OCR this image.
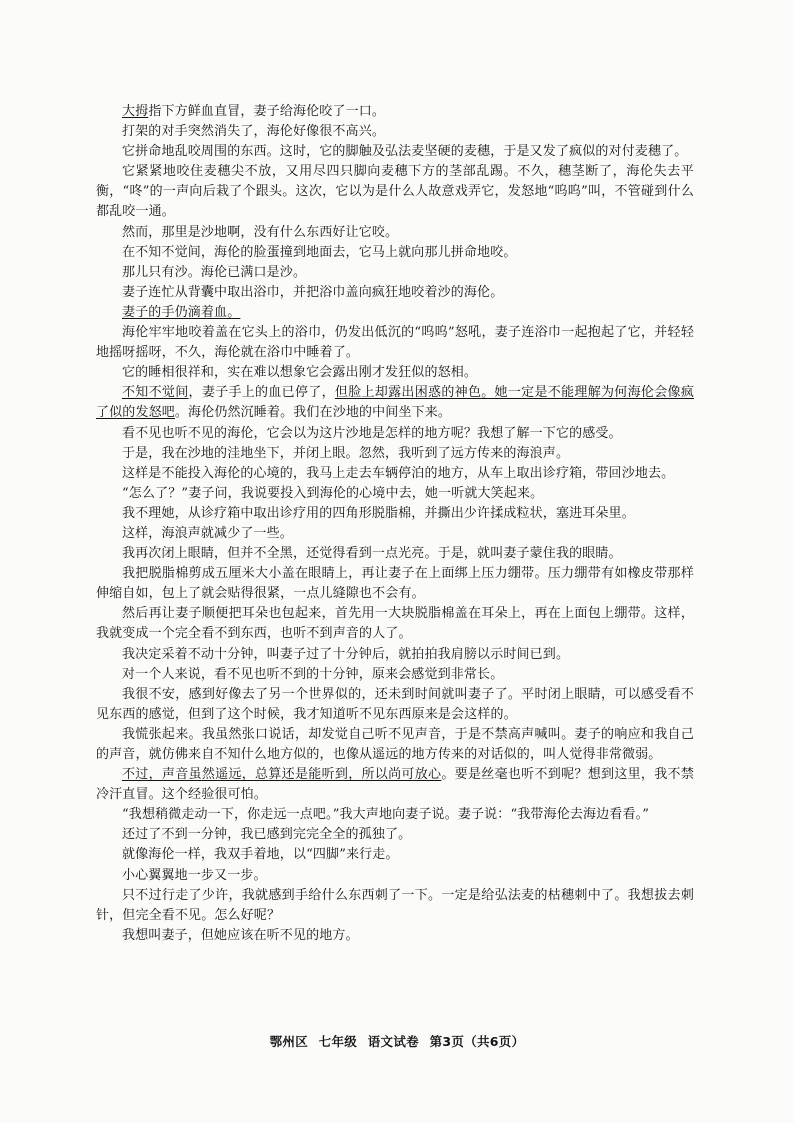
大拇指下方鲜血直冒，妻子给海伦咬了一口。

打架的对手突然消失了，海伦好像很不高兴。

它拼命地乱咬周围的东西。这时，它的脚触及弘法麦坚硬的麦穗，于是又发了疯似的对付麦穗了。

它紧紧地咬住麦穗尖不放，又用尽四只脚向麦穗下方的茎部乱踢。不久，穗茎断了，海伦失去平衡，“咚”的一声向后栽了个跟头。这次，它以为是什么人故意戏弄它，发怒地“呜呜”叫，不管碰到什么都乱咬一通。

然而，那里是沙地啊，没有什么东西好让它咬。

在不知不觉间，海伦的脸蛋撞到地面去，它马上就向那儿拼命地咬。

那儿只有沙。海伦已满口是沙。

妻子连忙从背囊中取出浴巾，并把浴巾盖向疯狂地咬着沙的海伦。

妻子的手仍滴着血。

海伦牢牢地咬着盖在它头上的浴巾，仍发出低沉的“呜呜”怒吼，妻子连浴巾一起抱起了它，并轻轻地摇呀摇呀，不久，海伦就在浴巾中睡着了。

它的睡相很祥和，实在难以想象它会露出刚才发狂似的怒相。

不知不觉间，妻子手上的血已停了，但脸上却露出困惑的神色。她一定是不能理解为何海伦会像疯了似的发怒吧。海伦仍然沉睡着。我们在沙地的中间坐下来。

看不见也听不见的海伦，它会以为这片沙地是怎样的地方呢？我想了解一下它的感受。

于是，我在沙地的洼地坐下，并闭上眼。忽然，我听到了远方传来的海浪声。

这样是不能投入海伦的心境的，我马上走去车辆停泊的地方，从车上取出诊疗箱，带回沙地去。

“怎么了？”妻子问，我说要投入到海伦的心境中去，她一听就大笑起来。

我不理她，从诊疗箱中取出诊疗用的四角形脱脂棉，并撕出少许揉成粒状，塞进耳朵里。

这样，海浪声就减少了一些。

我再次闭上眼睛，但并不全黑，还觉得看到一点光亮。于是，就叫妻子蒙住我的眼睛。

我把脱脂棉剪成五厘米大小盖在眼睛上，再让妻子在上面绑上压力绷带。压力绷带有如橡皮带那样伸缩自如，包上了就会贴得很紧，一点儿缝隙也不会有。

然后再让妻子顺便把耳朵也包起来，首先用一大块脱脂棉盖在耳朵上，再在上面包上绷带。这样，我就变成一个完全看不到东西，也听不到声音的人了。

我决定采着不动十分钟，叫妻子过了十分钟后，就拍拍我肩膀以示时间已到。

对一个人来说，看不见也听不到的十分钟，原来会感觉到非常长。

我很不安，感到好像去了另一个世界似的，还未到时间就叫妻子了。平时闭上眼睛，可以感受看不见东西的感觉，但到了这个时候，我才知道听不见东西原来是会这样的。

我慌张起来。我虽然张口说话，却发觉自己听不见声音，于是不禁高声喊叫。妻子的响应和我自己的声音，就仿佛来自不知什么地方似的，也像从遥远的地方传来的对话似的，叫人觉得非常微弱。

不过，声音虽然遥远，总算还是能听到，所以尚可放心。要是丝毫也听不到呢？想到这里，我不禁冷汗直冒。这个经验很可怕。

“我想稍微走动一下，你走远一点吧。”我大声地向妻子说。妻子说：“我带海伦去海边看看。”

还过了不到一分钟，我已感到完完全全的孤独了。

就像海伦一样，我双手着地，以“四脚”来行走。

小心翼翼地一步又一步。

只不过行走了少许，我就感到手给什么东西刺了一下。一定是给弘法麦的枯穗刺中了。我想拔去刺针，但完全看不见。怎么好呢？

我想叫妻子，但她应该在听不见的地方。

鄂州区 七年级 语文试卷 第3页（共6页）
